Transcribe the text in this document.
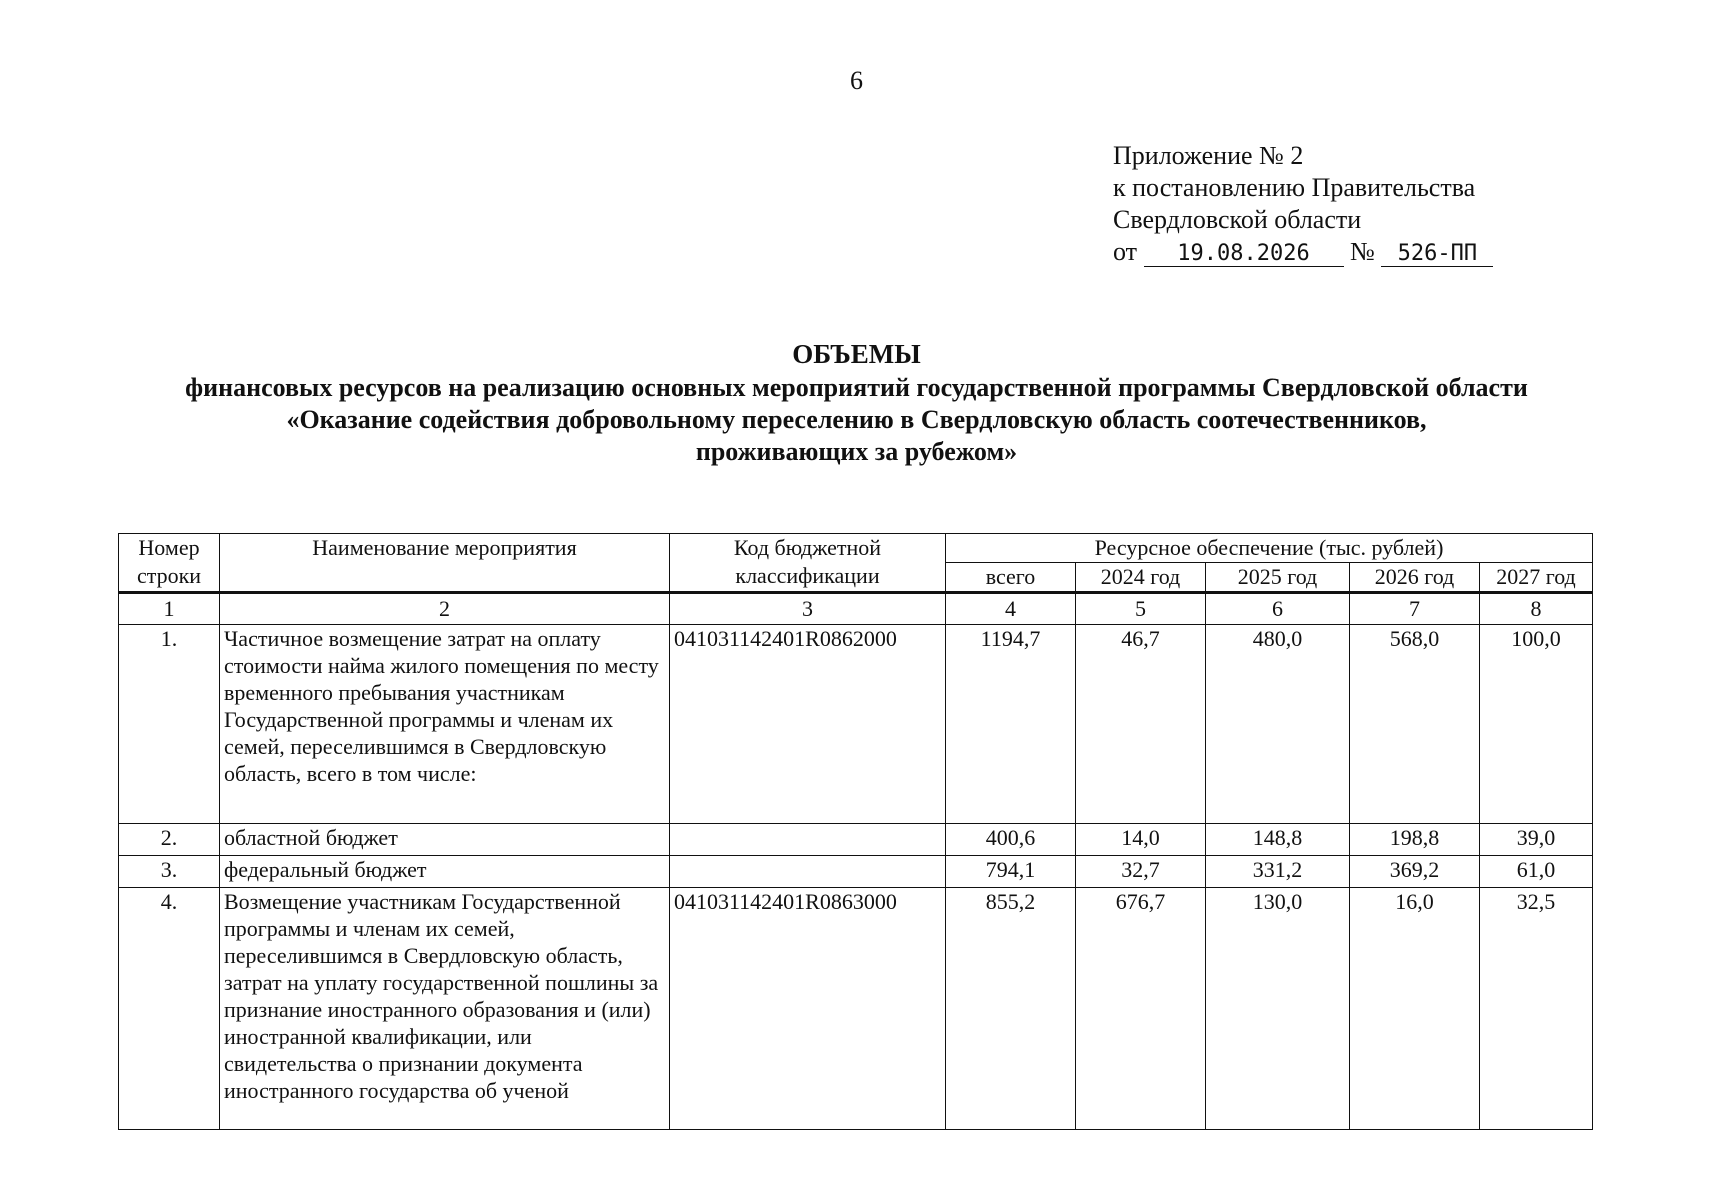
6
Приложение № 2
к постановлению Правительства
Свердловской области
от 19.08.2026 № 526-ПП
ОБЪЕМЫ
финансовых ресурсов на реализацию основных мероприятий государственной программы Свердловской области
«Оказание содействия добровольному переселению в Свердловскую область соотечественников,
проживающих за рубежом»
Номер строки	Наименование мероприятия	Код бюджетной классификации	Ресурсное обеспечение (тыс. рублей)				
			всего	2024 год	2025 год	2026 год	2027 год
1	2	3	4	5	6	7	8
1.	Частичное возмещение затрат на оплату стоимости найма жилого помещения по месту временного пребывания участникам Государственной программы и членам их семей, переселившимся в Свердловскую область, всего в том числе:	041031142401R0862000	1194,7	46,7	480,0	568,0	100,0
2.	областной бюджет		400,6	14,0	148,8	198,8	39,0
3.	федеральный бюджет		794,1	32,7	331,2	369,2	61,0
4.	Возмещение участникам Государственной программы и членам их семей, переселившимся в Свердловскую область, затрат на уплату государственной пошлины за признание иностранного образования и (или) иностранной квалификации, или свидетельства о признании документа иностранного государства об ученой	041031142401R0863000	855,2	676,7	130,0	16,0	32,5
